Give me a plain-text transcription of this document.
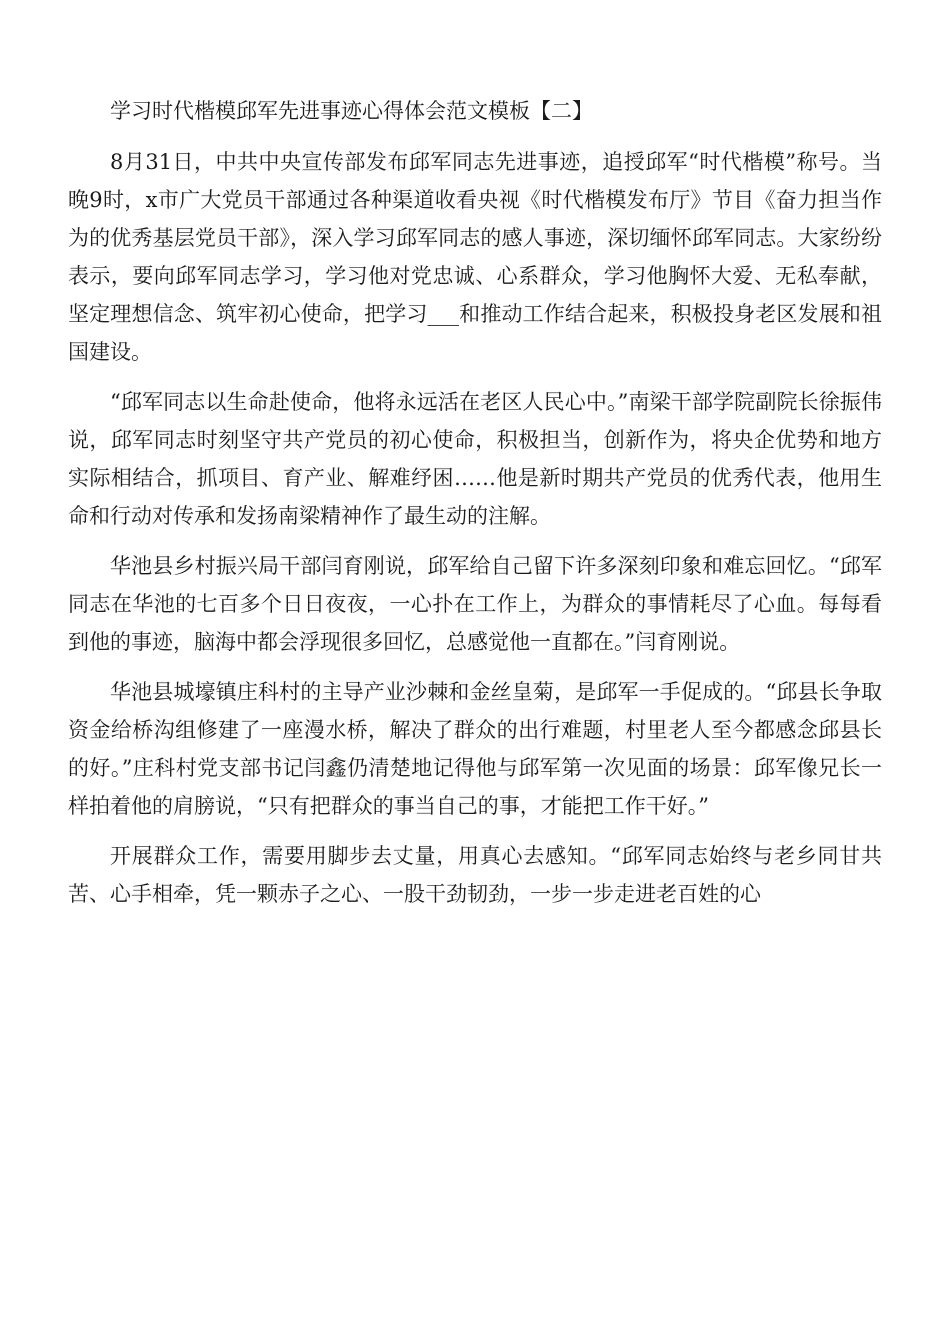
学习时代楷模邱军先进事迹心得体会范文模板【二】

8月31日，中共中央宣传部发布邱军同志先进事迹，追授邱军“时代楷模”称号。当晚9时，x市广大党员干部通过各种渠道收看央视《时代楷模发布厅》节目《奋力担当作为的优秀基层党员干部》，深入学习邱军同志的感人事迹，深切缅怀邱军同志。大家纷纷表示，要向邱军同志学习，学习他对党忠诚、心系群众，学习他胸怀大爱、无私奉献，坚定理想信念、筑牢初心使命，把学习___和推动工作结合起来，积极投身老区发展和祖国建设。

“邱军同志以生命赴使命，他将永远活在老区人民心中。”南梁干部学院副院长徐振伟说，邱军同志时刻坚守共产党员的初心使命，积极担当，创新作为，将央企优势和地方实际相结合，抓项目、育产业、解难纾困……他是新时期共产党员的优秀代表，他用生命和行动对传承和发扬南梁精神作了最生动的注解。

华池县乡村振兴局干部闫育刚说，邱军给自己留下许多深刻印象和难忘回忆。“邱军同志在华池的七百多个日日夜夜，一心扑在工作上，为群众的事情耗尽了心血。每每看到他的事迹，脑海中都会浮现很多回忆，总感觉他一直都在。”闫育刚说。

华池县城壕镇庄科村的主导产业沙棘和金丝皇菊，是邱军一手促成的。“邱县长争取资金给桥沟组修建了一座漫水桥，解决了群众的出行难题，村里老人至今都感念邱县长的好。”庄科村党支部书记闫鑫仍清楚地记得他与邱军第一次见面的场景：邱军像兄长一样拍着他的肩膀说，“只有把群众的事当自己的事，才能把工作干好。”

开展群众工作，需要用脚步去丈量，用真心去感知。“邱军同志始终与老乡同甘共苦、心手相牵，凭一颗赤子之心、一股干劲韧劲，一步一步走进老百姓的心
